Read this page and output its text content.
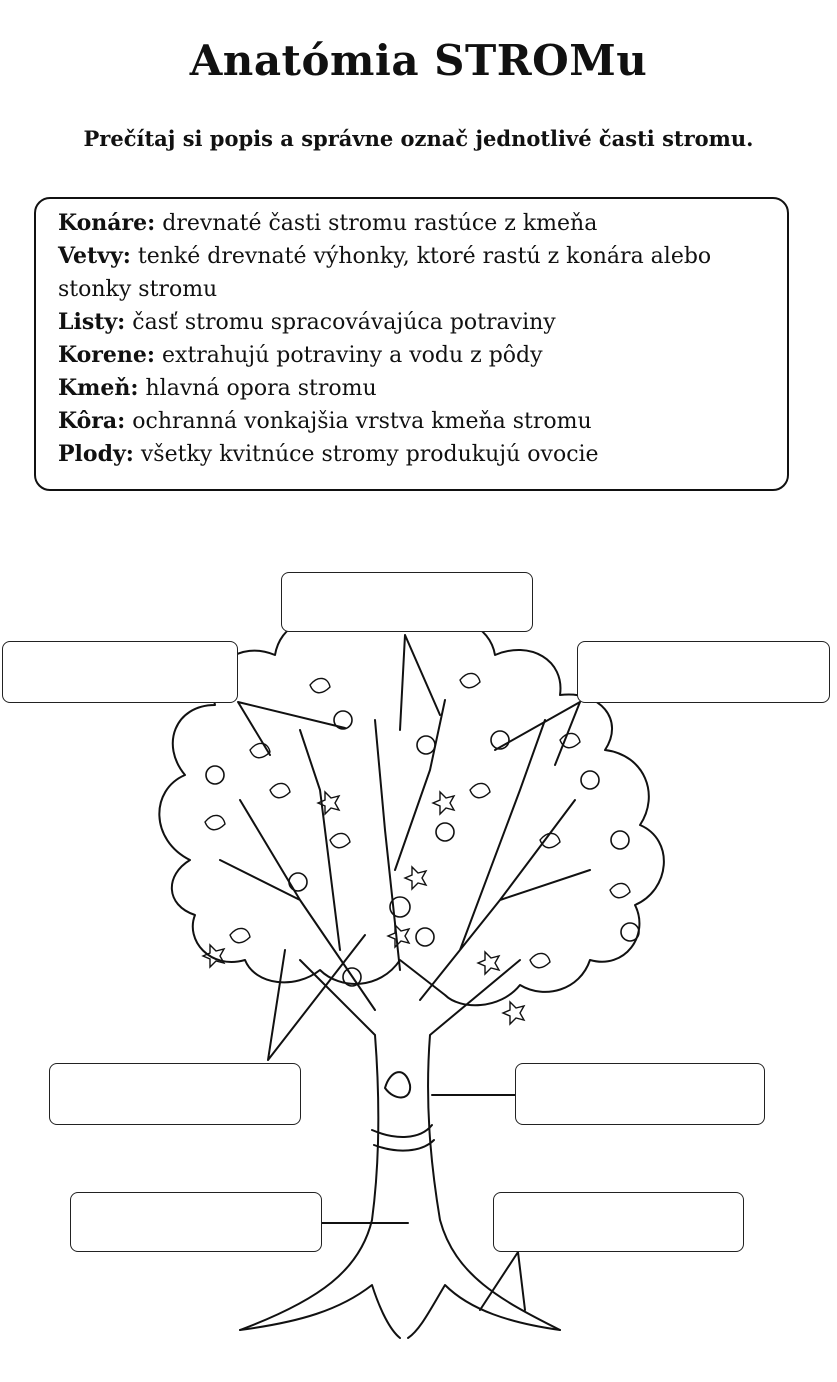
Anatómia STROMu

Prečítaj si popis a správne označ jednotlivé časti stromu.

Konáre: drevnaté časti stromu rastúce z kmeňa

Vetvy: tenké drevnaté výhonky, ktoré rastú z konára alebo stonky stromu

Listy: časť stromu spracovávajúca potraviny

Korene: extrahujú potraviny a vodu z pôdy

Kmeň: hlavná opora stromu

Kôra: ochranná vonkajšia vrstva kmeňa stromu

Plody: všetky kvitnúce stromy produkujú ovocie
